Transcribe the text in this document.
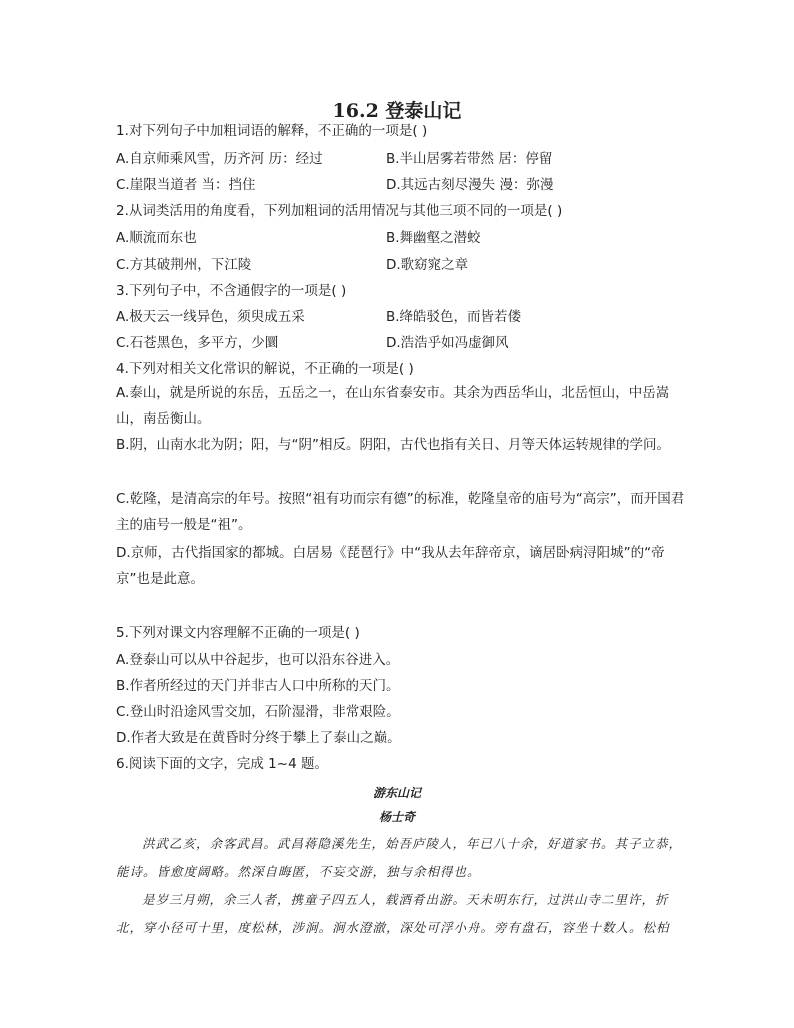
16.2 登泰山记
1.对下列句子中加粗词语的解释，不正确的一项是( )
A.自京师乘风雪，历齐河 历：经过	B.半山居雾若带然 居：停留
C.崖限当道者 当：挡住	D.其远古刻尽漫失 漫：弥漫
2.从词类活用的角度看，下列加粗词的活用情况与其他三项不同的一项是( )
A.顺流而东也	B.舞幽壑之潜蛟
C.方其破荆州，下江陵	D.歌窈窕之章
3.下列句子中，不含通假字的一项是( )
A.极天云一线异色，须臾成五采	B.绛皓驳色，而皆若偻
C.石苍黑色，多平方，少圜	D.浩浩乎如冯虚御风
4.下列对相关文化常识的解说，不正确的一项是( )
A.泰山，就是所说的东岳，五岳之一，在山东省泰安市。其余为西岳华山，北岳恒山，中岳嵩山，南岳衡山。
B.阴，山南水北为阴；阳，与“阴”相反。阴阳，古代也指有关日、月等天体运转规律的学问。
C.乾隆，是清高宗的年号。按照“祖有功而宗有德”的标准，乾隆皇帝的庙号为“高宗”，而开国君主的庙号一般是“祖”。
D.京师，古代指国家的都城。白居易《琵琶行》中“我从去年辞帝京，谪居卧病浔阳城”的“帝京”也是此意。
5.下列对课文内容理解不正确的一项是( )
A.登泰山可以从中谷起步，也可以沿东谷进入。
B.作者所经过的天门并非古人口中所称的天门。
C.登山时沿途风雪交加，石阶湿滑，非常艰险。
D.作者大致是在黄昏时分终于攀上了泰山之巅。
6.阅读下面的文字，完成 1~4 题。
游东山记
杨士奇
洪武乙亥，余客武昌。武昌蒋隐溪先生，始吾庐陵人，年已八十余，好道家书。其子立恭，能诗。皆愈度阔略。然深自晦匿，不妄交游，独与余相得也。
是岁三月朔，余三人者，携童子四五人，载酒肴出游。天未明东行，过洪山寺二里许，折北，穿小径可十里，度松林，涉涧。涧水澄澈，深处可浮小舟。旁有盘石，容坐十数人。松柏
